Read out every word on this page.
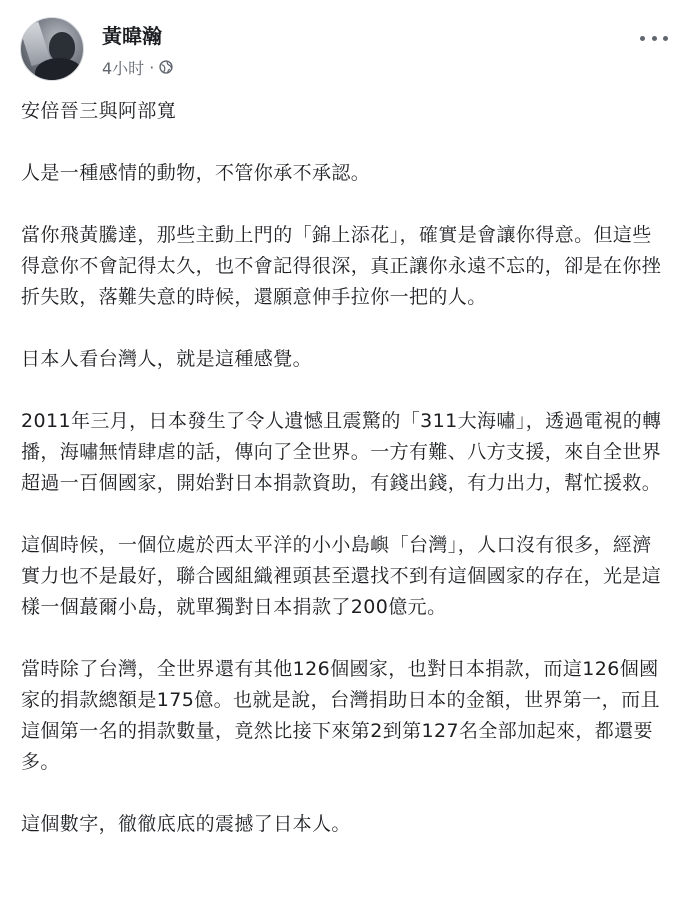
黃暐瀚
4小时 ·

安倍晉三與阿部寬

人是一種感情的動物，不管你承不承認。

當你飛黃騰達，那些主動上門的「錦上添花」，確實是會讓你得意。但這些得意你不會記得太久，也不會記得很深，真正讓你永遠不忘的，卻是在你挫折失敗，落難失意的時候，還願意伸手拉你一把的人。

日本人看台灣人，就是這種感覺。

2011年三月，日本發生了令人遺憾且震驚的「311大海嘯」，透過電視的轉播，海嘯無情肆虐的話，傳向了全世界。一方有難、八方支援，來自全世界超過一百個國家，開始對日本捐款資助，有錢出錢，有力出力，幫忙援救。

這個時候，一個位處於西太平洋的小小島嶼「台灣」，人口沒有很多，經濟實力也不是最好，聯合國組織裡頭甚至還找不到有這個國家的存在，光是這樣一個蕞爾小島，就單獨對日本捐款了200億元。

當時除了台灣，全世界還有其他126個國家，也對日本捐款，而這126個國家的捐款總額是175億。也就是說，台灣捐助日本的金額，世界第一，而且這個第一名的捐款數量，竟然比接下來第2到第127名全部加起來，都還要多。

這個數字，徹徹底底的震撼了日本人。
